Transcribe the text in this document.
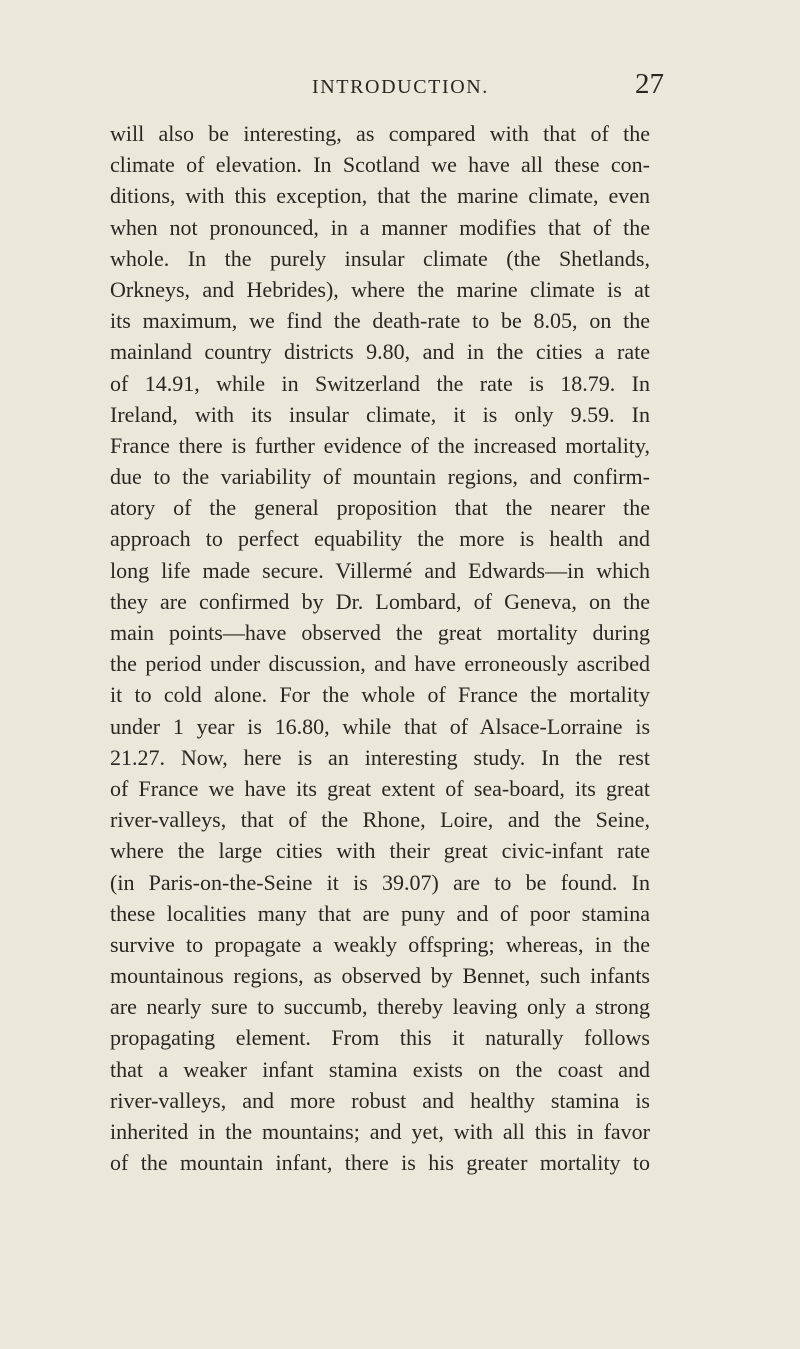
INTRODUCTION.	27
will also be interesting, as compared with that of the
climate of elevation. In Scotland we have all these con-
ditions, with this exception, that the marine climate, even
when not pronounced, in a manner modifies that of the
whole. In the purely insular climate (the Shetlands,
Orkneys, and Hebrides), where the marine climate is at
its maximum, we find the death-rate to be 8.05, on the
mainland country districts 9.80, and in the cities a rate
of 14.91, while in Switzerland the rate is 18.79. In
Ireland, with its insular climate, it is only 9.59. In
France there is further evidence of the increased mortality,
due to the variability of mountain regions, and confirm-
atory of the general proposition that the nearer the
approach to perfect equability the more is health and
long life made secure. Villermé and Edwards—in which
they are confirmed by Dr. Lombard, of Geneva, on the
main points—have observed the great mortality during
the period under discussion, and have erroneously ascribed
it to cold alone. For the whole of France the mortality
under 1 year is 16.80, while that of Alsace-Lorraine is
21.27. Now, here is an interesting study. In the rest
of France we have its great extent of sea-board, its great
river-valleys, that of the Rhone, Loire, and the Seine,
where the large cities with their great civic-infant rate
(in Paris-on-the-Seine it is 39.07) are to be found. In
these localities many that are puny and of poor stamina
survive to propagate a weakly offspring; whereas, in the
mountainous regions, as observed by Bennet, such infants
are nearly sure to succumb, thereby leaving only a strong
propagating element. From this it naturally follows
that a weaker infant stamina exists on the coast and
river-valleys, and more robust and healthy stamina is
inherited in the mountains; and yet, with all this in favor
of the mountain infant, there is his greater mortality to
